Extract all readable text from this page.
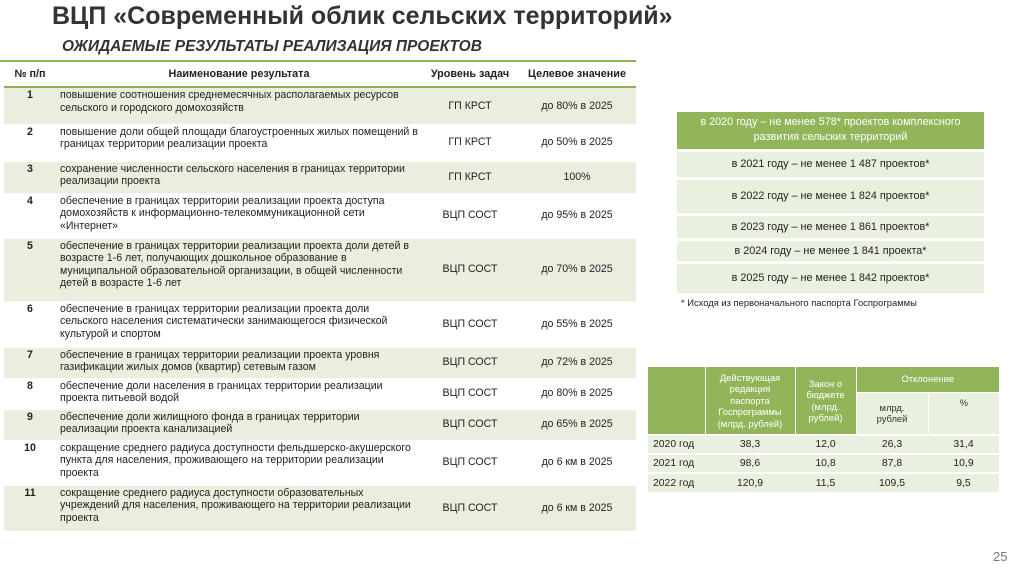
ВЦП «Современный облик сельских территорий»
ОЖИДАЕМЫЕ РЕЗУЛЬТАТЫ РЕАЛИЗАЦИЯ ПРОЕКТОВ
№ п/п	Наименование результата	Уровень задач	Целевое значение
1	повышение соотношения среднемесячных располагаемых ресурсов сельского и городского домохозяйств	ГП КРСТ	до 80% в 2025
2	повышение доли общей площади благоустроенных жилых помещений в границах территории реализации проекта	ГП КРСТ	до 50% в 2025
3	сохранение численности сельского населения в границах территории реализации проекта	ГП КРСТ	100%
4	обеспечение в границах территории реализации проекта доступа домохозяйств к информационно-телекоммуникационной сети «Интернет»	ВЦП СОСТ	до 95% в 2025
5	обеспечение в границах территории реализации проекта доли детей в возрасте 1-6 лет, получающих дошкольное образование в муниципальной образовательной организации, в общей численности детей в возрасте 1-6 лет	ВЦП СОСТ	до 70% в 2025
6	обеспечение в границах территории реализации проекта доли сельского населения систематически занимающегося физической культурой и спортом	ВЦП СОСТ	до 55% в 2025
7	обеспечение в границах территории реализации проекта уровня газификации жилых домов (квартир) сетевым газом	ВЦП СОСТ	до 72% в 2025
8	обеспечение доли населения в границах территории реализации проекта питьевой водой	ВЦП СОСТ	до 80% в 2025
9	обеспечение доли жилищного фонда в границах территории реализации проекта канализацией	ВЦП СОСТ	до 65% в 2025
10	сокращение среднего радиуса доступности фельдшерско-акушерского пункта для населения, проживающего на территории реализации проекта	ВЦП СОСТ	до 6 км в 2025
11	сокращение среднего радиуса доступности образовательных учреждений для населения, проживающего на территории реализации проекта	ВЦП СОСТ	до 6 км в 2025
в 2020 году – не менее 578* проектов комплексного развития сельских территорий
в 2021 году – не менее 1 487 проектов*
в 2022 году – не менее 1 824 проектов*
в 2023 году – не менее 1 861 проектов*
в 2024 году – не менее 1 841 проекта*
в 2025 году – не менее 1 842 проектов*
* Исходя из первоначального паспорта Госпрограммы
	Действующая редакция паспорта Госпрограммы (млрд. рублей)	Закон о бюджете (млрд. рублей)	Отклонение	
			млрд. рублей	%
2020 год	38,3	12,0	26,3	31,4
2021 год	98,6	10,8	87,8	10,9
2022 год	120,9	11,5	109,5	9,5
25
